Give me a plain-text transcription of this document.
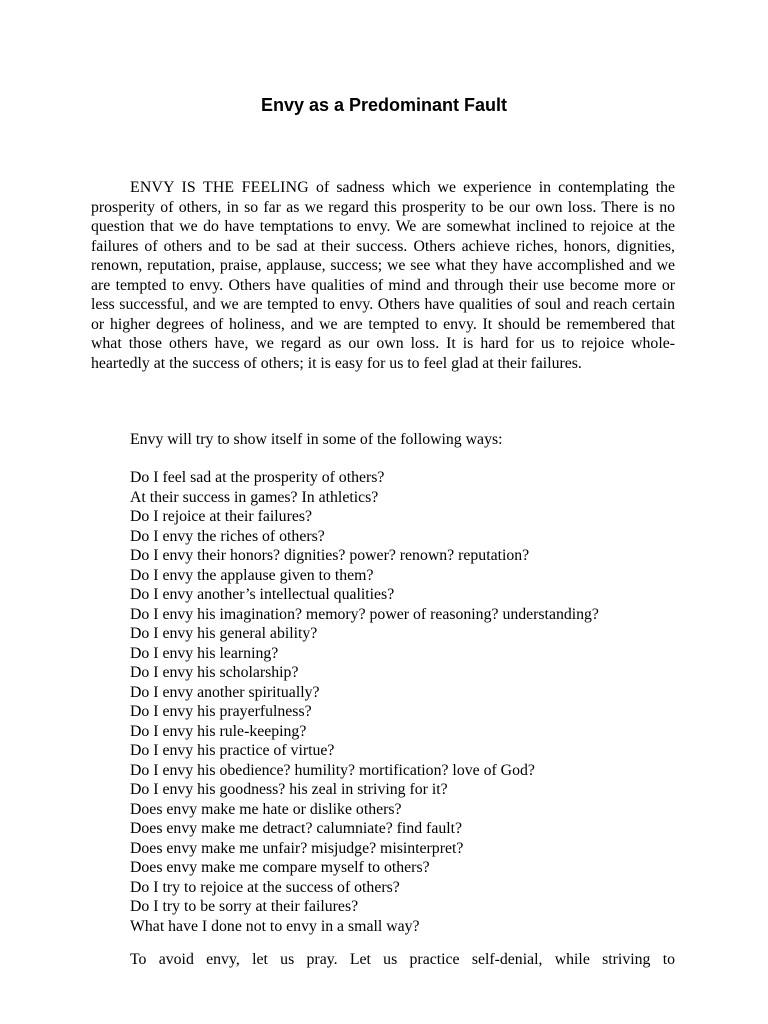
Envy as a Predominant Fault

ENVY IS THE FEELING of sadness which we experience in contemplating the prosperity of others, in so far as we regard this prosperity to be our own loss. There is no question that we do have temptations to envy. We are somewhat inclined to rejoice at the failures of others and to be sad at their success. Others achieve riches, honors, dignities, renown, reputation, praise, applause, success; we see what they have accomplished and we are tempted to envy. Others have qualities of mind and through their use become more or less successful, and we are tempted to envy. Others have qualities of soul and reach certain or higher degrees of holiness, and we are tempted to envy. It should be remembered that what those others have, we regard as our own loss. It is hard for us to rejoice whole-heartedly at the success of others; it is easy for us to feel glad at their failures.

Envy will try to show itself in some of the following ways:

Do I feel sad at the prosperity of others?
At their success in games? In athletics?
Do I rejoice at their failures?
Do I envy the riches of others?
Do I envy their honors? dignities? power? renown? reputation?
Do I envy the applause given to them?
Do I envy another’s intellectual qualities?
Do I envy his imagination? memory? power of reasoning? understanding?
Do I envy his general ability?
Do I envy his learning?
Do I envy his scholarship?
Do I envy another spiritually?
Do I envy his prayerfulness?
Do I envy his rule-keeping?
Do I envy his practice of virtue?
Do I envy his obedience? humility? mortification? love of God?
Do I envy his goodness? his zeal in striving for it?
Does envy make me hate or dislike others?
Does envy make me detract? calumniate? find fault?
Does envy make me unfair? misjudge? misinterpret?
Does envy make me compare myself to others?
Do I try to rejoice at the success of others?
Do I try to be sorry at their failures?
What have I done not to envy in a small way?

To avoid envy, let us pray. Let us practice self-denial, while striving to
